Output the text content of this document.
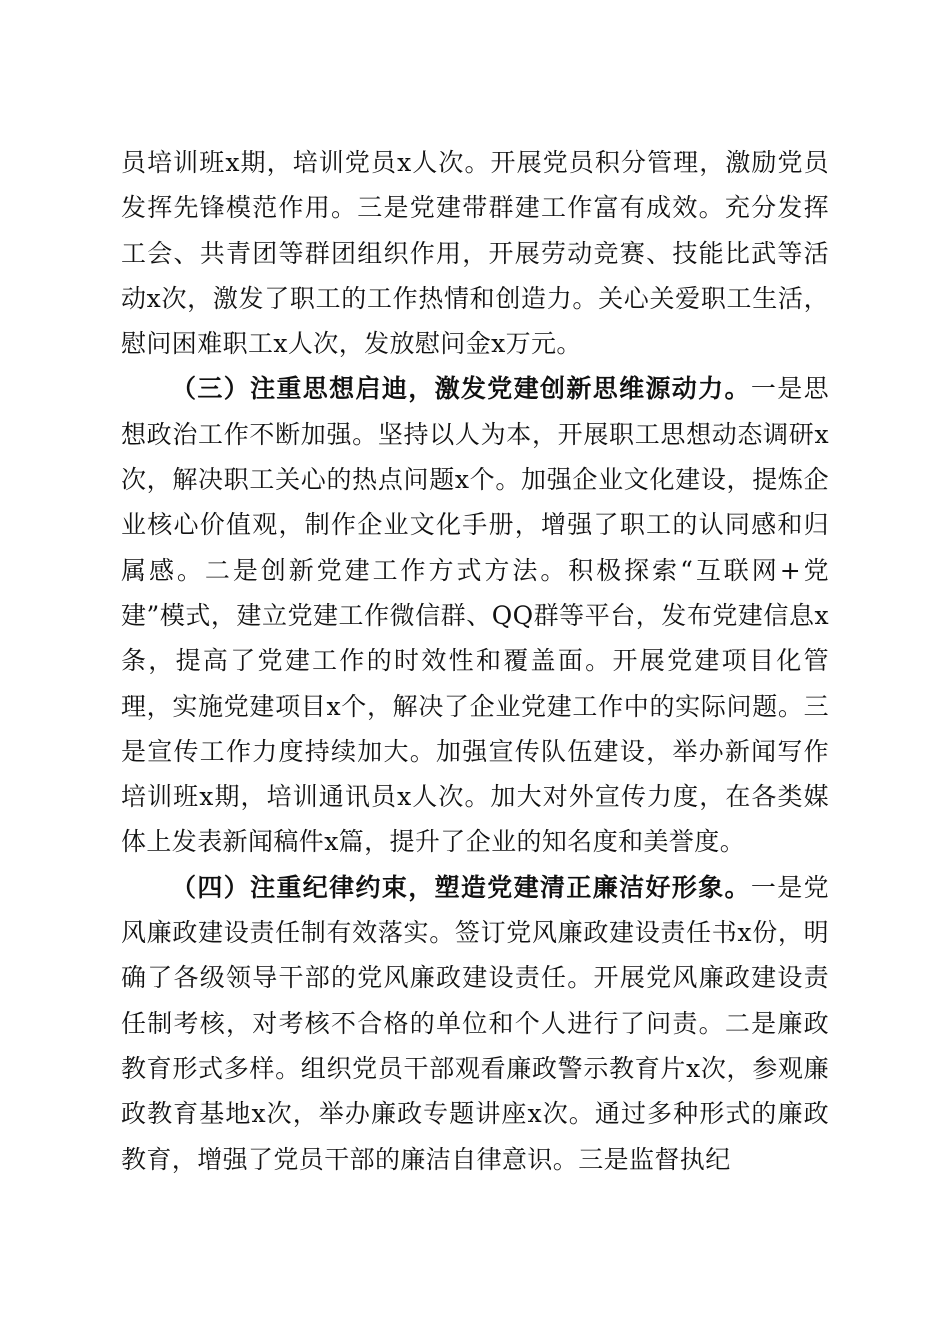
员培训班x期，培训党员x人次。开展党员积分管理，激励党员发挥先锋模范作用。三是党建带群建工作富有成效。充分发挥工会、共青团等群团组织作用，开展劳动竞赛、技能比武等活动x次，激发了职工的工作热情和创造力。关心关爱职工生活，慰问困难职工x人次，发放慰问金x万元。

（三）注重思想启迪，激发党建创新思维源动力。一是思想政治工作不断加强。坚持以人为本，开展职工思想动态调研x次，解决职工关心的热点问题x个。加强企业文化建设，提炼企业核心价值观，制作企业文化手册，增强了职工的认同感和归属感。二是创新党建工作方式方法。积极探索“互联网+党建”模式，建立党建工作微信群、QQ群等平台，发布党建信息x条，提高了党建工作的时效性和覆盖面。开展党建项目化管理，实施党建项目x个，解决了企业党建工作中的实际问题。三是宣传工作力度持续加大。加强宣传队伍建设，举办新闻写作培训班x期，培训通讯员x人次。加大对外宣传力度，在各类媒体上发表新闻稿件x篇，提升了企业的知名度和美誉度。

（四）注重纪律约束，塑造党建清正廉洁好形象。一是党风廉政建设责任制有效落实。签订党风廉政建设责任书x份，明确了各级领导干部的党风廉政建设责任。开展党风廉政建设责任制考核，对考核不合格的单位和个人进行了问责。二是廉政教育形式多样。组织党员干部观看廉政警示教育片x次，参观廉政教育基地x次，举办廉政专题讲座x次。通过多种形式的廉政教育，增强了党员干部的廉洁自律意识。三是监督执纪
